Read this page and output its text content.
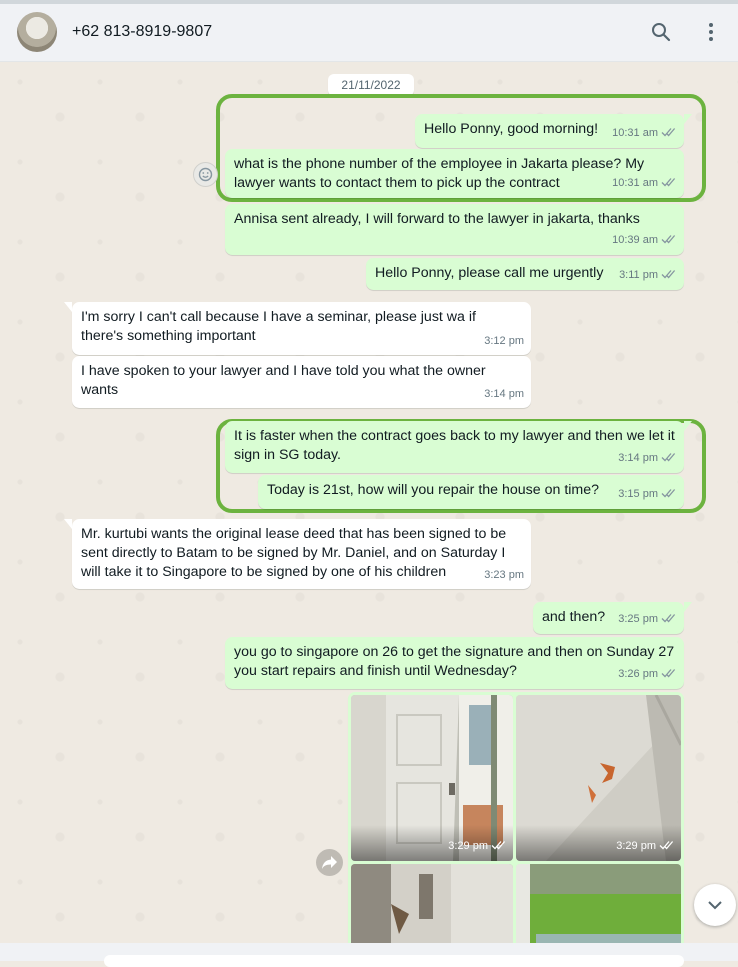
+62 813-8919-9807
21/11/2022
Hello Ponny, good morning!	10:31 am
what is the phone number of the employee in Jakarta please? My lawyer wants to contact them to pick up the contract	10:31 am
Annisa sent already, I will forward to the lawyer in jakarta, thanks
10:39 am
Hello Ponny, please call me urgently	3:11 pm
I'm sorry I can't call because I have a seminar, please just wa if there's something important	3:12 pm
I have spoken to your lawyer and I have told you what the owner wants	3:14 pm
It is faster when the contract goes back to my lawyer and then we let it sign in SG today.	3:14 pm
Today is 21st, how will you repair the house on time?	3:15 pm
Mr. kurtubi wants the original lease deed that has been signed to be sent directly to Batam to be signed by Mr. Daniel, and on Saturday I will take it to Singapore to be signed by one of his children	3:23 pm
and then?	3:25 pm
you go to singapore on 26 to get the signature and then on Sunday 27 you start repairs and finish until Wednesday?	3:26 pm
3:29 pm	3:29 pm
